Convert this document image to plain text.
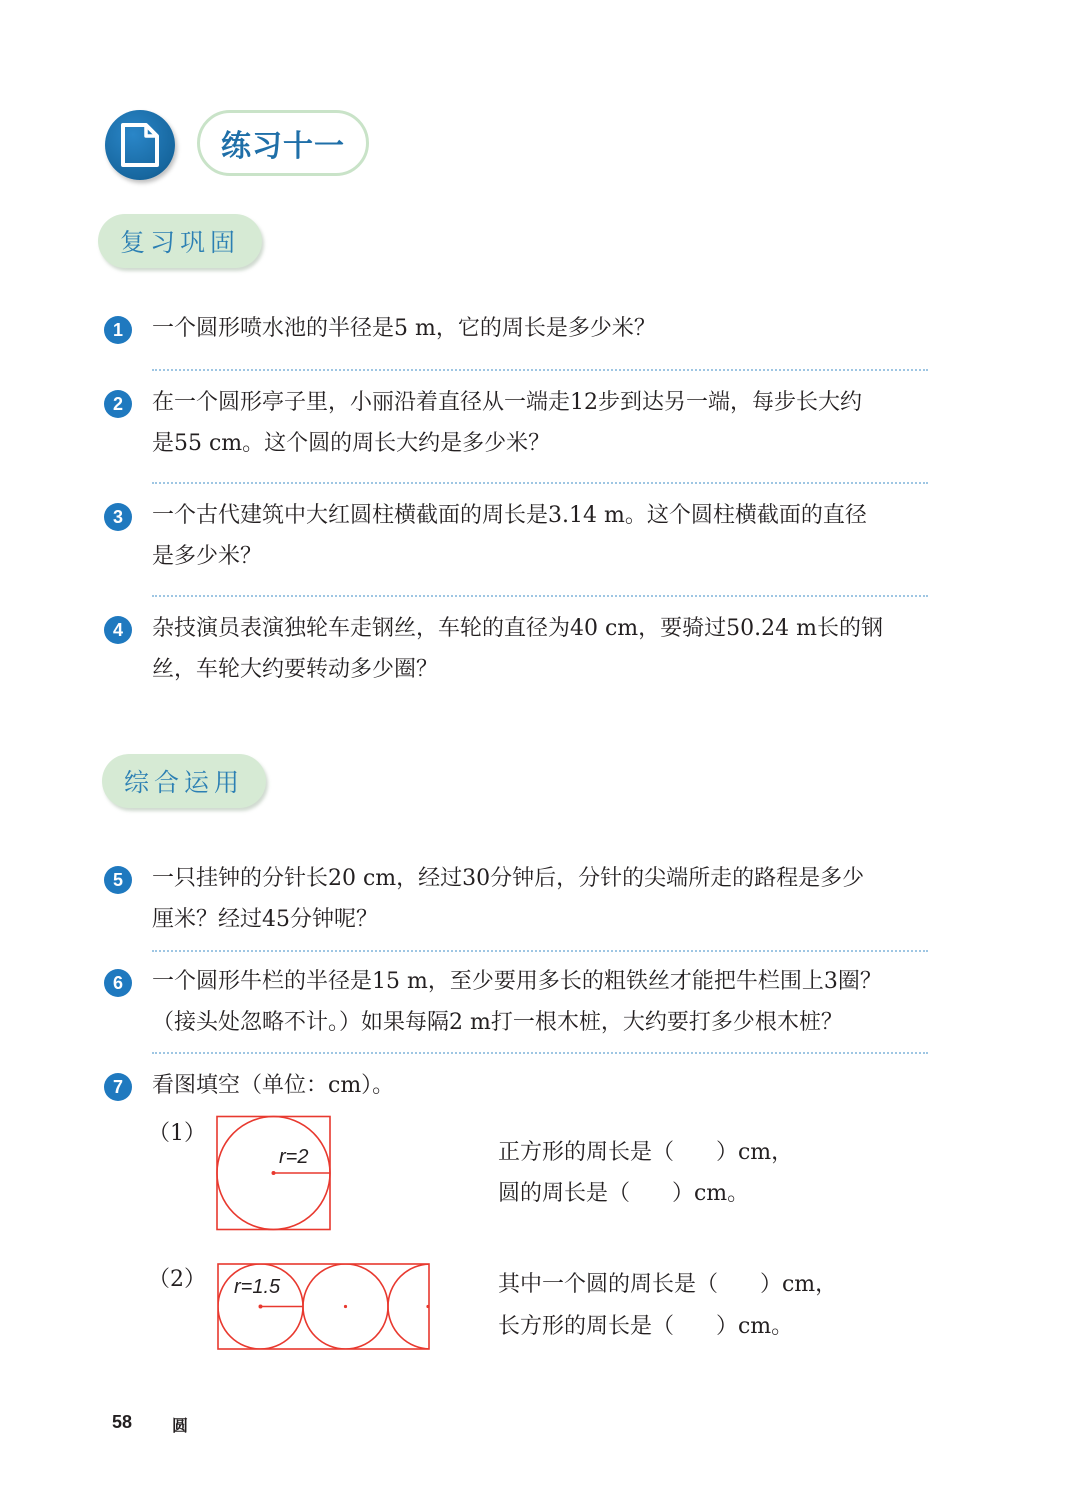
练习十一
复习巩固
1	一个圆形喷水池的半径是5 m，它的周长是多少米？
2	在一个圆形亭子里，小丽沿着直径从一端走12步到达另一端，每步长大约
是55 cm。这个圆的周长大约是多少米？
3	一个古代建筑中大红圆柱横截面的周长是3.14 m。这个圆柱横截面的直径
是多少米？
4	杂技演员表演独轮车走钢丝，车轮的直径为40 cm，要骑过50.24 m长的钢
丝，车轮大约要转动多少圈？
综合运用
5	一只挂钟的分针长20 cm，经过30分钟后，分针的尖端所走的路程是多少
厘米？经过45分钟呢？
6	一个圆形牛栏的半径是15 m，至少要用多长的粗铁丝才能把牛栏围上3圈？
（接头处忽略不计。）如果每隔2 m打一根木桩，大约要打多少根木桩？
7	看图填空（单位：cm）。
（1）
r=2	正方形的周长是（      ）cm，
圆的周长是（      ）cm。
（2） r=1.5	其中一个圆的周长是（      ）cm，
长方形的周长是（      ）cm。
58 圆
